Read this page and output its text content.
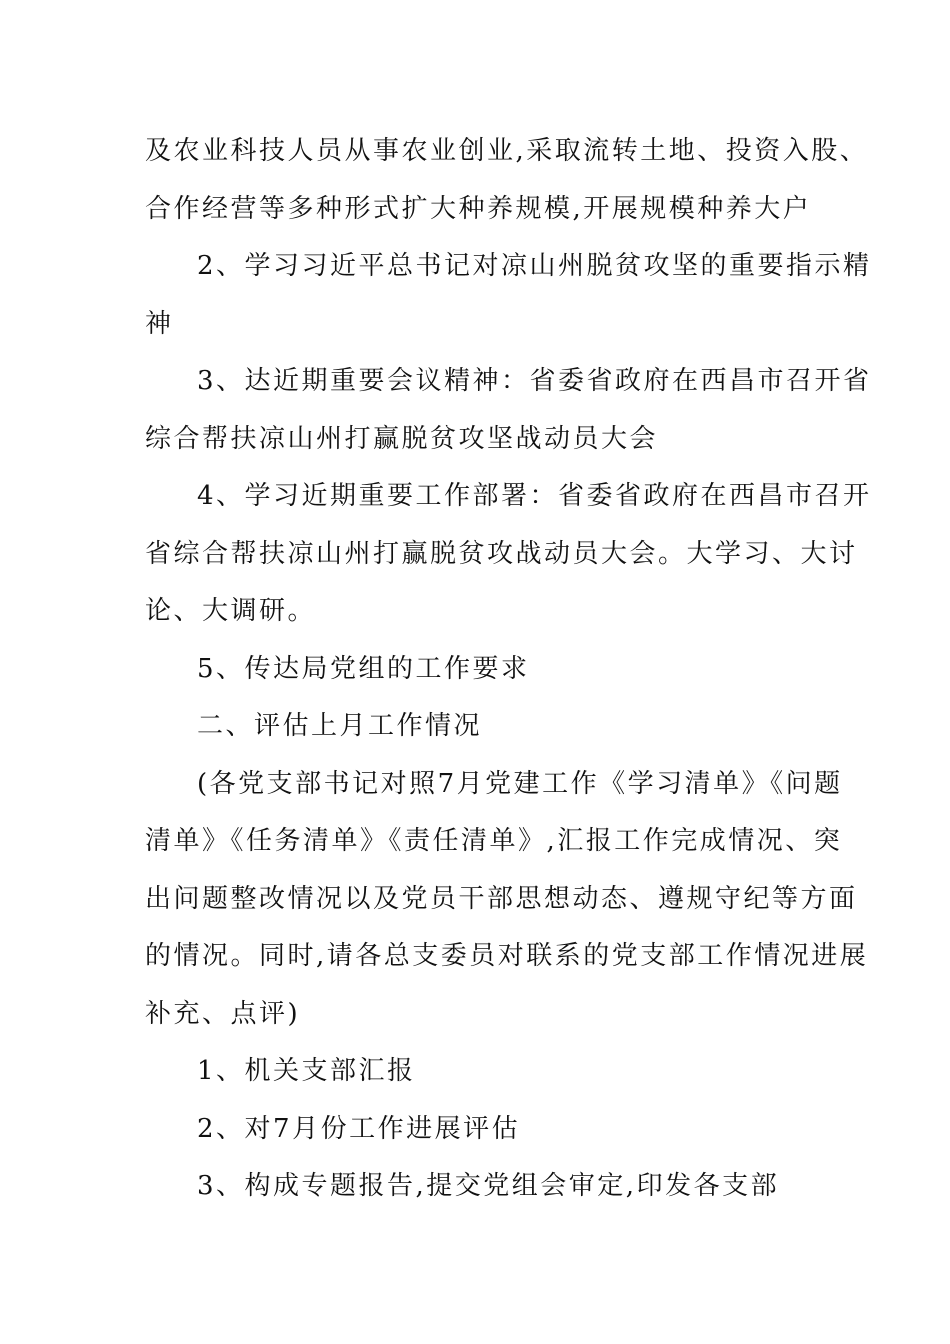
及农业科技人员从事农业创业,采取流转土地、投资入股、

合作经营等多种形式扩大种养规模,开展规模种养大户

2、学习习近平总书记对凉山州脱贫攻坚的重要指示精

神

3、达近期重要会议精神：省委省政府在西昌市召开省

综合帮扶凉山州打赢脱贫攻坚战动员大会

4、学习近期重要工作部署：省委省政府在西昌市召开

省综合帮扶凉山州打赢脱贫攻战动员大会。大学习、大讨

论、大调研。

5、传达局党组的工作要求

二、评估上月工作情况

(各党支部书记对照7月党建工作《学习清单》《问题

清单》《任务清单》《责任清单》,汇报工作完成情况、突

出问题整改情况以及党员干部思想动态、遵规守纪等方面

的情况。同时,请各总支委员对联系的党支部工作情况进展

补充、点评)

1、机关支部汇报

2、对7月份工作进展评估

3、构成专题报告,提交党组会审定,印发各支部
